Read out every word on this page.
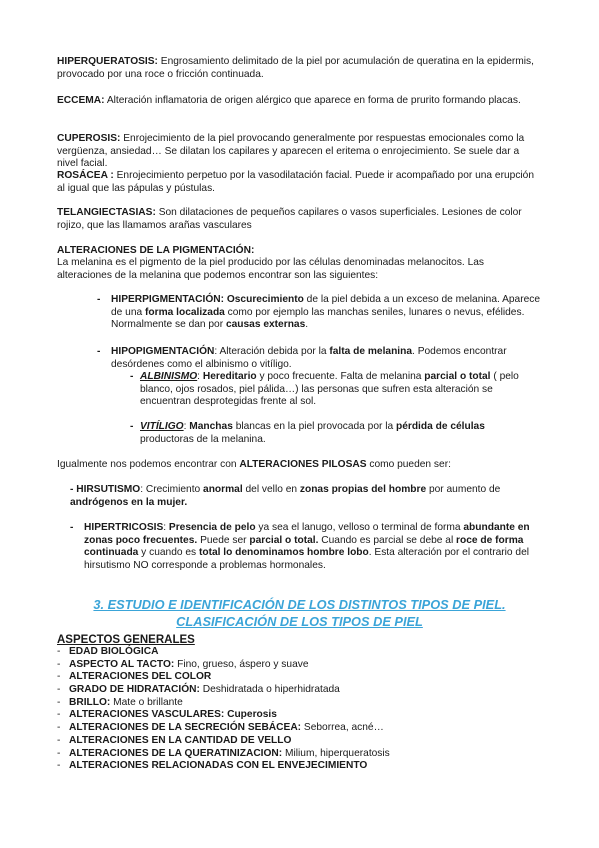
HIPERQUERATOSIS: Engrosamiento delimitado de la piel por acumulación de queratina en la epidermis, provocado por una roce o fricción continuada.
ECCEMA: Alteración inflamatoria de origen alérgico que aparece en forma de prurito formando placas.
CUPEROSIS: Enrojecimiento de la piel provocando generalmente por respuestas emocionales como la vergüenza, ansiedad… Se dilatan los capilares y aparecen el eritema o enrojecimiento. Se suele dar a nivel facial.
ROSÁCEA : Enrojecimiento perpetuo por la vasodilatación facial. Puede ir acompañado por una erupción al igual que las pápulas y pústulas.
TELANGIECTASIAS: Son dilataciones de pequeños capilares o vasos superficiales. Lesiones de color rojizo, que las llamamos arañas vasculares
ALTERACIONES DE LA PIGMENTACIÓN:
La melanina es el pigmento de la piel producido por las células denominadas melanocitos. Las alteraciones de la melanina que podemos encontrar son las siguientes:
- HIPERPIGMENTACIÓN: Oscurecimiento de la piel debida a un exceso de melanina. Aparece de una forma localizada como por ejemplo las manchas seniles, lunares o nevus, efélides. Normalmente se dan por causas externas.
- HIPOPIGMENTACIÓN: Alteración debida por la falta de melanina. Podemos encontrar desórdenes como el albinismo o vitíligo.
- ALBINISMO: Hereditario y poco frecuente. Falta de melanina parcial o total ( pelo blanco, ojos rosados, piel pálida…) las personas que sufren esta alteración se encuentran desprotegidas frente al sol.
- VITÍLIGO: Manchas blancas en la piel provocada por la pérdida de células productoras de la melanina.
Igualmente nos podemos encontrar con ALTERACIONES PILOSAS como pueden ser:
- HIRSUTISMO: Crecimiento anormal del vello en zonas propias del hombre por aumento de andrógenos en la mujer.
- HIPERTRICOSIS: Presencia de pelo ya sea el lanugo, velloso o terminal de forma abundante en zonas poco frecuentes. Puede ser parcial o total. Cuando es parcial se debe al roce de forma continuada y cuando es total lo denominamos hombre lobo. Esta alteración por el contrario del hirsutismo NO corresponde a problemas hormonales.
3. ESTUDIO E IDENTIFICACIÓN DE LOS DISTINTOS TIPOS DE PIEL.
CLASIFICACIÓN DE LOS TIPOS DE PIEL
ASPECTOS GENERALES
- EDAD BIOLÓGICA
- ASPECTO AL TACTO: Fino, grueso, áspero y suave
- ALTERACIONES DEL COLOR
- GRADO DE HIDRATACIÓN: Deshidratada o hiperhidratada
- BRILLO: Mate o brillante
- ALTERACIONES VASCULARES: Cuperosis
- ALTERACIONES DE LA SECRECIÓN SEBÁCEA: Seborrea, acné…
- ALTERACIONES EN LA CANTIDAD DE VELLO
- ALTERACIONES DE LA QUERATINIZACION: Milium, hiperqueratosis
- ALTERACIONES RELACIONADAS CON EL ENVEJECIMIENTO
